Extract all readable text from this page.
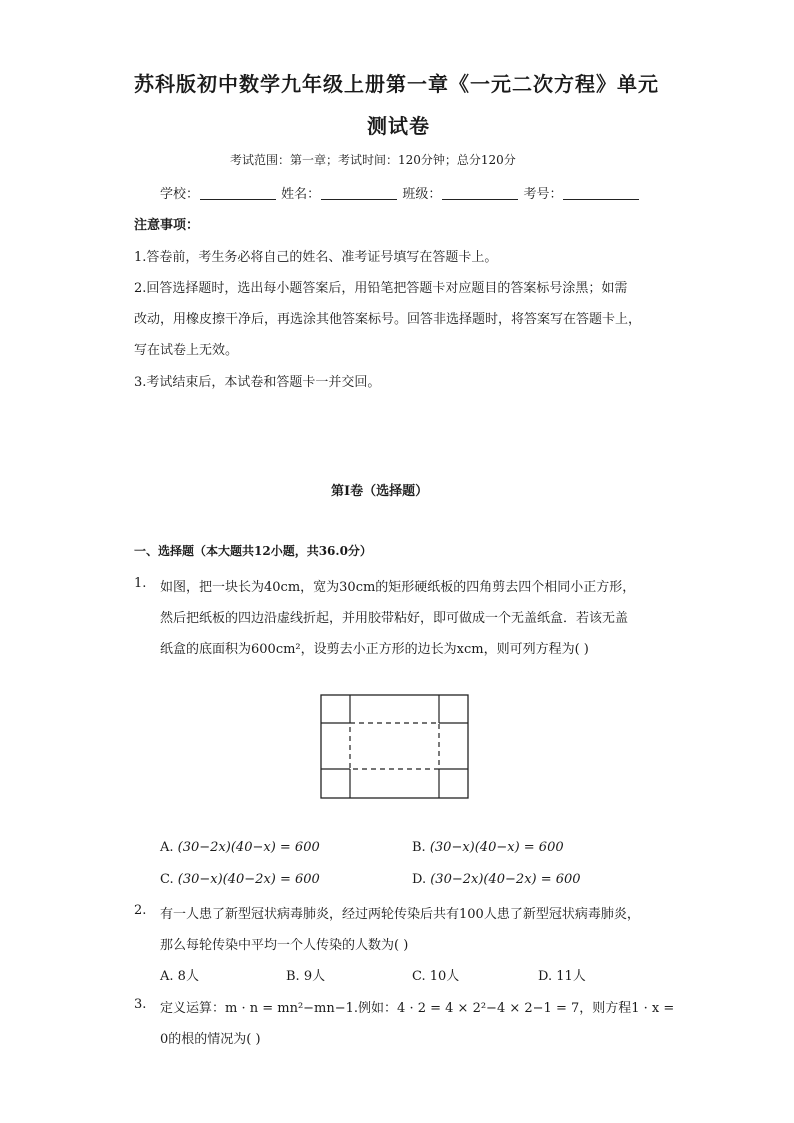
苏科版初中数学九年级上册第一章《一元二次方程》单元
测试卷
考试范围：第一章；考试时间：120分钟；总分120分
学校：	姓名：	班级：	考号：
注意事项：
1.答卷前，考生务必将自己的姓名、准考证号填写在答题卡上。
2.回答选择题时，选出每小题答案后，用铅笔把答题卡对应题目的答案标号涂黑；如需
改动，用橡皮擦干净后，再选涂其他答案标号。回答非选择题时，将答案写在答题卡上，
写在试卷上无效。
3.考试结束后，本试卷和答题卡一并交回。
第Ⅰ卷（选择题）
一、选择题（本大题共12小题，共36.0分）
1. 如图，把一块长为40cm，宽为30cm的矩形硬纸板的四角剪去四个相同小正方形，
然后把纸板的四边沿虚线折起，并用胶带粘好，即可做成一个无盖纸盒．若该无盖
纸盒的底面积为600cm²，设剪去小正方形的边长为xcm，则可列方程为( )
A. (30−2x)(40−x) = 600	B. (30−x)(40−x) = 600
C. (30−x)(40−2x) = 600	D. (30−2x)(40−2x) = 600
2. 有一人患了新型冠状病毒肺炎，经过两轮传染后共有100人患了新型冠状病毒肺炎，
那么每轮传染中平均一个人传染的人数为( )
A. 8人	B. 9人	C. 10人	D. 11人
3. 定义运算：m · n = mn²−mn−1.例如：4 · 2 = 4 × 2²−4 × 2−1 = 7，则方程1 · x =
0的根的情况为( )
